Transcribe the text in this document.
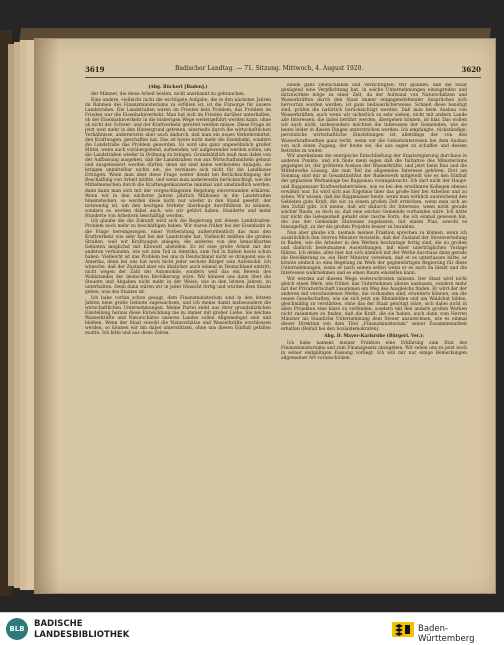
3619	Badischer Landtag. — 71. Sitzung. Mittwoch, 4. August 1920.	3620

(Abg. Rückert [Baden].)

der Männer, die diese Arbeit leisten, nicht anerkannt zu gebrauchen.

Eine andere, vielleicht nicht die wichtigste Aufgabe, die in den nächsten Jahren im Rahmen des Finanzministeriums zu erfüllen ist, ist die Fürsorge für unsere Landstraßen. Die Landstraßen waren im Frieden kein Problem; das Problem im Frieden war die Eisenbahnverkehr. Man hat sich im Frieden darüber unterhalten, ob der Eisenbahnverkehr in die bisherigen Wege weitergeführt werden kann, ohne ob nicht der Schwer- und der Kraftverkehr gerettet werden müsse. Diese Frage ist jetzt weit mehr in den Hintergrund getreten, einerseits durch die wirtschaftlichen Verhältnisse, andererseits aber auch dadurch, daß man ein neues Verkehrsmittel, den Kraftwagen, geschaffen hat. Das ist heute nicht mehr die Eisenbahn, sondern die Landstraße das Problem geworden. Es wird uns ganz ungewöhnlich großer Mittel, wenn auch vorübergehend, aufwenden, wir aufgewendet werden sollen, um die Landstraßen wieder in Ordnung zu bringen. Grundsätzlich muß man dabei von der Auffassung ausgehen, daß die Landstraßen von aus Wirtschaftsmitteln gebaut und ausgebessert werden dürfen; denn sie sind keine werbenden Anlagen, sie bringen unmittelbar nichts ein, sie verzinsen sich nicht für die Landkasse Ertragen. Wenn man aber diese Frage weiter denkt bei Berücksichtigung der Beschaffung von Arbeit müßte, und wenn man andererseits berücksichtigt, wie die Mittelmenschen durch die Kraftwagenkonzerne minimal und umständlich werden, dann kann man sich mit der vorgeschlagenen Regelung einverstanden erklären. Wenn wir in den nächsten Jahren jährlich Millionen in die Landstraßen hineinstecken, so werden diese nicht nur wieder in den Stand gesetzt, der notwendig ist, um den heutigen Verkehr überhaupt durchführen zu können, sondern es werden dabei auch, wie wir gehört haben, Hunderte und mehr Hunderte von Arbeitern beschäftigt werden.

Ich glaube die die Zukunft wird sich die Regierung mit diesen Landstraßen-Problem noch mehr zu beschäftigen haben. Wir waren früher bei der Eisenbahn in die Frage hereingezogen, einer Vorberatung außerordentlich das man den Kraftverkehr wie sehr fast bei der Landstraße hat. Vielleicht müßten die großen Straßen, weil wir Kraftwagen anlegen, die anderen von den benachbarten Gebieten möglichst mit Kilowatt abstellen. Es ist eine große Arbeit mit der anderen verbunden, wie wir zum Teil in Amerika, zum Teil in Italien heute schon haben. Vielleicht ist das Problem bei uns in Deutschland nicht so dringend wie in Amerika, denn bei uns hat noch nicht jeder sechste Bürger sein Automobil. Ich wünsche, daß der Zustand aber ein ähnlicher auch einmal in Deutschland eintritt; nicht wegen der Zahl der Automobile, sondern weil das ein Beweis des Wohlstandes der deutschen Bevölkerung wäre. Wir können uns dann über die Steuern und Abgaben nicht mehr in der Weise, wie in den letzten Jahren, zu unterhalten. Denn dann wären wir in jeder Hinsicht fertig und würden dem Staate geben, was des Staates ist.

Ich habe vorhin schon gesagt, dem Finanzministerium sind in den letzten Jahren neue große Gebiete zugewachsen, und ich meine damit insbesondere die wirtschaftlichen Unternehmungen. Meine Partei steht aus ihrer grundsätzlichen Einstellung heraus diese Entwicklung nie zu immer mit großer Liebe. Sie zeichne Wasserkräfte und Naturschätze unseres Landes sollen Allgemeingut sein und bleiben. Wenn der Staat sowohl die Naturschätze und Wasserkräfte erschlossen werden, so können wir ihn dabei unterstützen, ohne uns diesen Einfluß gefallen mußte. Ich bitte und aus diese Zeiten.

einem ganz Deutschlands und Verzichtigten. Wir glauben, daß die Staat genügend eine Verpflichtung hat, in solche Unternehmungen einzugreifen und mitzuwirken möge zu einer Zeit, da der Aufwand von Naturschätzen und Wasserkräften durch den Staat immer entgegenstehender Ansprüchen sich hervortun worden werden, ist ganz bedauerlicherweise. Schnell diese benötigt sind, prüfen die natürlich berücksichtigt werden. Daß man beim Ausbau von Wasserkräften, auch wenn wir sicherlich zu sehr sieben, nicht mit andern Lande alle Interessen, die dabei berührt werden, übergehen können, ist klar. Das wollen wir auch nicht, insbesondere möchten die Interessen der Gemeinden, wie sie heute leider in diesen Dingen unterstrichen werden. Ich empfangte, rückständige, persönliche wirtschaftliche Einstellungen ist allerdings der von den Wasserkraftwerken ganz recht, wenn wir die Gebietsinteressen bei dem Ausbau von sich einen Zugang, der heute sie, die aus sagen zu schaffen und dessen Betriebe zu weiter.

Wir anerkennen die energische Entschließung der Staatsregierung durchaus in anderen Punkte, und ich finde mein eigen daß die Initiative des Ministeriums gegangen ist, der größeren Ausbau der Wasserkräfte, und jetzt beim Bau und die Mittelwerke Lösung, die zum Teil ins allgemeine Interesse gehören. Erst am Sonntag sind mir in Gesamtinstitut der Badenwerk mitgeteilt wie es den Einfluß der geplanten Werkanlage bei Rappenau vorangebracht. Ich darf nicht der Haupt- und Rappenauer Kraftwerksbetrieben, wie es bei den erwähnten Kollegen ebenso erwähnt war. Es wird sich aus Ergebnis über das große hier bei Arbeiten und zu sehen. Wir wissen, daß die Rappenauer heute, wenn man wirklich ausreichend den Gebieten gute Kraft, die wir zu einem großen Zeit erreichen, wenn man sich an den Zufall gibt. Ich meine, daß wir dadurch ihr Interesse, wenn nicht gerade solcher Raum, so doch so, daß eine solcher Gemeinde vorhanden wäre. Ich hätte nur nicht die Gelegenheit gehabt eine rasche Form, die ich einmal gewesen bin, die aus der Gemeinde Stutensee zugelassen, mit einem Plan, sowohl es hinzugefügt, zu der die großen Projekte besser zu bezahlen.

Nun aber glaube ich, niemals meinen Fraktion sprechen zu können, wenn ich ausdrücklich den Herren Minister feststelle, daß der Zustand der Stromverteilung in Baden, wie die Arbeiter in den Werken heutzutage fertig sind, die zu großen und dadurch bedeutsamen Auswirkungen, mit einer unerträglichen Vorlage führen. Ich denke, alles hier hat sich nämlich mit der Werke durchaus dann gerade die Bevölkerung es, ein Herr Minister vorsehen, daß er es unterlassen hätte, er könnte einfach so eine Regelung im Werk der gegenwärtigen Regierung für diese Unternehmungen, wenn er nach seinen selbst wenn er es auch da bleibt und die Interessen wahrnehmen und es einen Raum einstellen kann.

Wir werden auf diesem Wege weiterschreiten müssen. Der Staat wird nicht gleich einen Werk, wie früher, das Unternehmen alleine ausbauen, sondern mehr mit der Privatwirtschaft zusammen ein Weg des Ausgleichs finden. Er wird der der anderen mit verschiedenen Werke, die vorhanden sind, erweitern können, um die neuen Gesellschaften, wie sie sich jetzt um Rheinfelden und um Waldshut bilden, gleichmäßig zu verstärken, ohne das der Staat genötigt wäre, sich dabei nicht in allen Projekten eine klare zu verbinden, sondern mit den andern großen Werken nicht zusammen zu finden, daß die Kraft, die sie haben, auch dann vom Herren Minister als Staatliche Unternehmung dem Steuer anzurechnen, wie es einmal dieser Direktion von dem Titel „Finanzministerium“ seiner Zusammenarbeit erhalten (Beifall bei den Sozialdemokraten).

Abg. D. Mayer-Karlsruhe (Bürgerl. Ver.):

Ich habe namens meiner Fraktion eine Erklärung zum Etat des Finanzministeriums und zum Finanzgesetz abzugeben. Wir sehen uns zu jetzt noch in seiner endgültigen Fassung vorliegt. Ich will mir nur einige Bemerkungen allgemeiner Art voranschicken.

BLB	BADISCHE
LANDESBIBLIOTHEK
Baden-Württemberg
